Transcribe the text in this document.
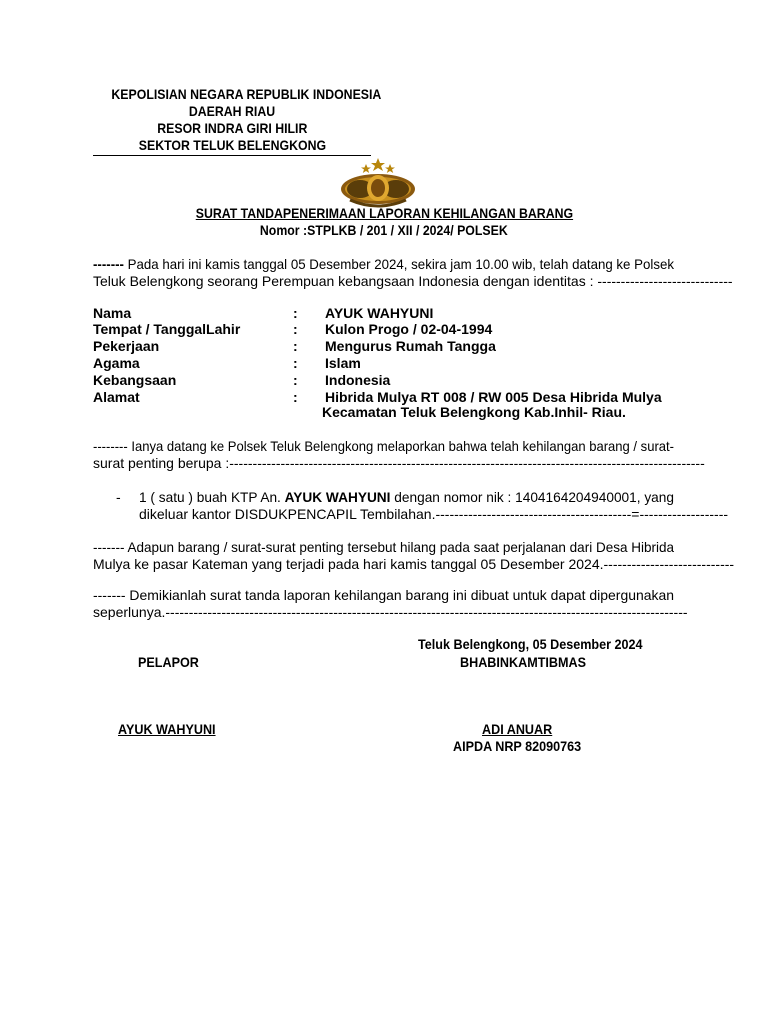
KEPOLISIAN NEGARA REPUBLIK INDONESIA
DAERAH RIAU
RESOR INDRA GIRI HILIR
SEKTOR TELUK BELENGKONG
SURAT TANDAPENERIMAAN LAPORAN KEHILANGAN BARANG
Nomor :STPLKB / 201 / XII / 2024/ POLSEK
------- Pada hari ini kamis tanggal 05 Desember 2024, sekira jam 10.00 wib, telah datang ke Polsek
Teluk Belengkong seorang Perempuan kebangsaan Indonesia dengan identitas :
-----------------------------
Nama	: AYUK WAHYUNI
Tempat / TanggalLahir	: Kulon Progo / 02-04-1994
Pekerjaan	: Mengurus Rumah Tangga
Agama	: Islam
Kebangsaan	: Indonesia
Alamat	: Hibrida Mulya RT 008 / RW 005 Desa Hibrida Mulya
Kecamatan Teluk Belengkong Kab.Inhil- Riau.
-------- Ianya datang ke Polsek Teluk Belengkong melaporkan bahwa telah kehilangan barang / surat-
surat penting berupa : ------------------------------------------------------------------------------------------------------
- 1 ( satu ) buah KTP An. AYUK WAHYUNI dengan nomor nik : 1404164204940001, yang
dikeluar kantor DISDUKPENCAPIL Tembilahan.------------------------------------------=-------------------
------- Adapun barang / surat-surat penting tersebut hilang pada saat perjalanan dari Desa Hibrida
Mulya ke pasar Kateman yang terjadi pada hari kamis tanggal 05 Desember 2024. ----------------------------
------- Demikianlah surat tanda laporan kehilangan barang ini dibuat untuk dapat dipergunakan
seperlunya. ----------------------------------------------------------------------------------------------------------------
Teluk Belengkong, 05 Desember 2024
PELAPOR	BHABINKAMTIBMAS
AYUK WAHYUNI	ADI ANUAR
AIPDA NRP 82090763
